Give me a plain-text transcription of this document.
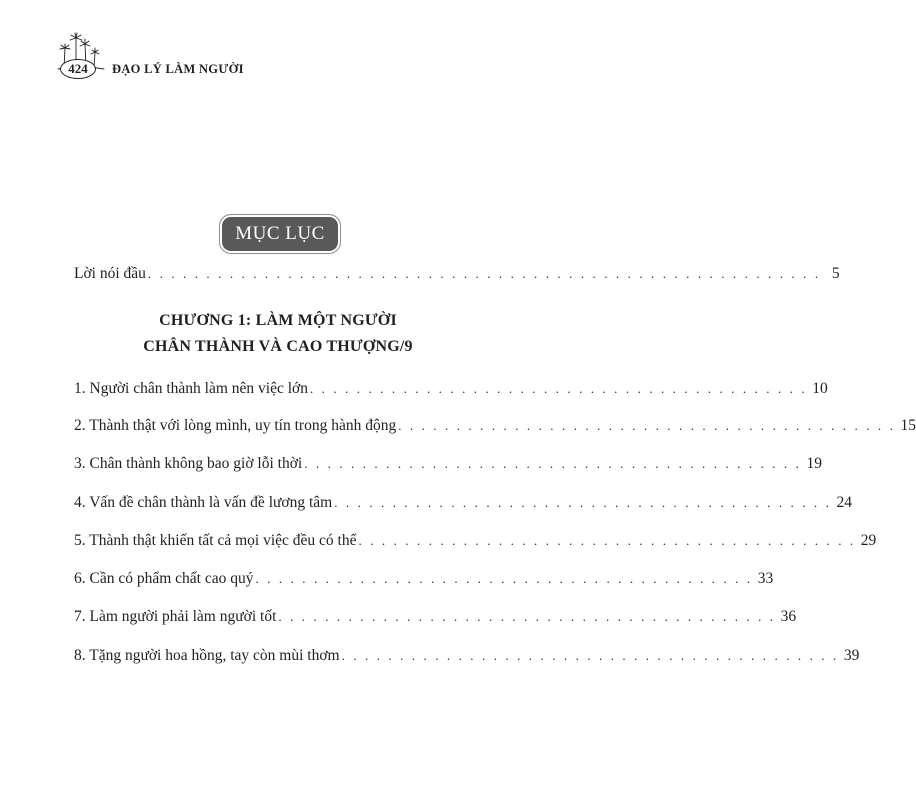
424	ĐẠO LÝ LÀM NGƯỜI
MỤC LỤC
Lời nói đầu . . . . . . . . . . . . . . . . . . . . . . . . . . . . . . . . . . . . . . . . . . . . . . . . . . . . . . . . . . 5
CHƯƠNG 1: LÀM MỘT NGƯỜI
CHÂN THÀNH VÀ CAO THƯỢNG/9
1. Người chân thành làm nên việc lớn . . . . . . . . . . . . . . . . . . . . . . . . . . . . . . . . . . . . . . . . . . . 10
2. Thành thật với lòng mình, uy tín trong hành động . . . . . . . . . . . . . . . . . . . . . . . . . . . . . . . . . . . . . . . . . . . 15
3. Chân thành không bao giờ lỗi thời . . . . . . . . . . . . . . . . . . . . . . . . . . . . . . . . . . . . . . . . . . . 19
4. Vấn đề chân thành là vấn đề lương tâm . . . . . . . . . . . . . . . . . . . . . . . . . . . . . . . . . . . . . . . . . . . 24
5. Thành thật khiến tất cả mọi việc đều có thể . . . . . . . . . . . . . . . . . . . . . . . . . . . . . . . . . . . . . . . . . . . 29
6. Cần có phẩm chất cao quý . . . . . . . . . . . . . . . . . . . . . . . . . . . . . . . . . . . . . . . . . . . 33
7. Làm người phải làm người tốt . . . . . . . . . . . . . . . . . . . . . . . . . . . . . . . . . . . . . . . . . . . 36
8. Tặng người hoa hồng, tay còn mùi thơm . . . . . . . . . . . . . . . . . . . . . . . . . . . . . . . . . . . . . . . . . . . 39
